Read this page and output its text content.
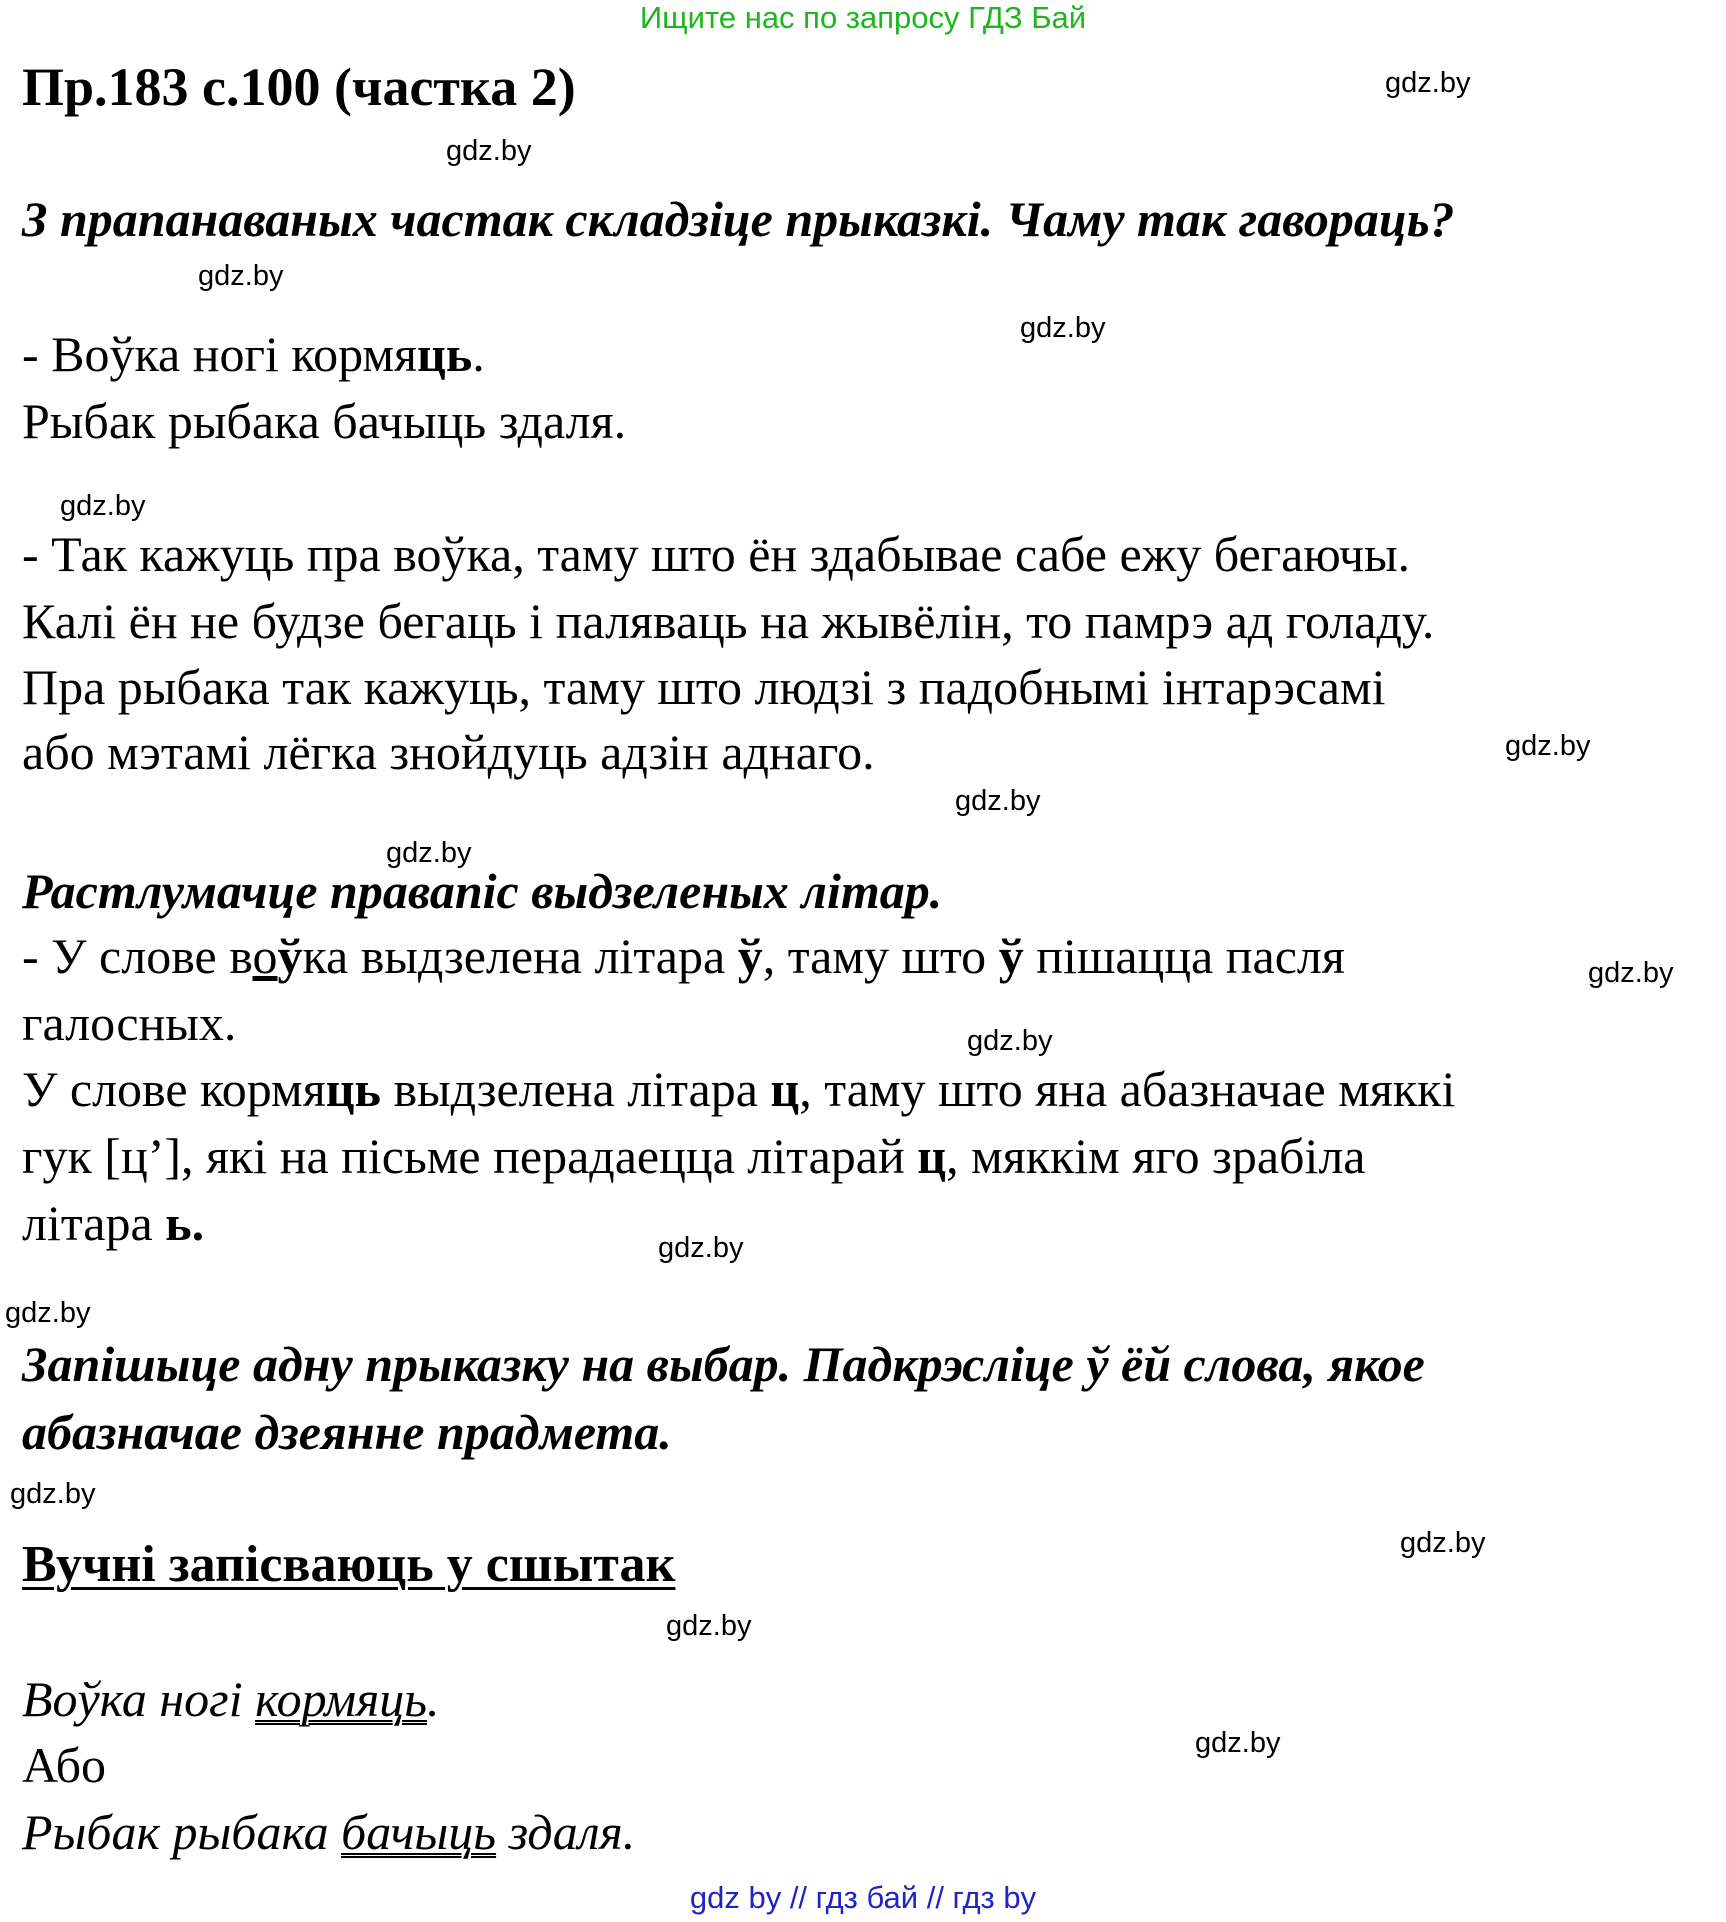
Ищите нас по запросу ГДЗ Бай
Пр.183 с.100 (частка 2)
З прапанаваных частак складзіце прыказкі. Чаму так гавораць?
- Воўка ногі кормяць.
Рыбак рыбака бачыць здаля.
- Так кажуць пра воўка, таму што ён здабывае сабе ежу бегаючы.
Калі ён не будзе бегаць і паляваць на жывёлін, то памрэ ад голаду.
Пра рыбака так кажуць, таму што людзі з падобнымі інтарэсамі
або мэтамі лёгка знойдуць адзін аднаго.
Растлумачце правапіс выдзеленых літар.
- У слове воўка выдзелена літара ў, таму што ў пішацца пасля
галосных.
У слове кормяць выдзелена літара ц, таму што яна абазначае мяккі
гук [ц’], які на пісьме перадаецца літарай ц, мяккім яго зрабіла
літара ь.
Запішыце адну прыказку на выбар. Падкрэсліце ў ёй слова, якое
абазначае дзеянне прадмета.
Вучні запісваюць у сшытак
Воўка ногі кормяць.
Або
Рыбак рыбака бачыць здаля.
gdz.by
gdz.by
gdz.by
gdz.by
gdz.by
gdz.by
gdz.by
gdz.by
gdz.by
gdz.by
gdz.by
gdz.by
gdz.by
gdz.by
gdz.by
gdz.by
gdz by // гдз бай // гдз by
